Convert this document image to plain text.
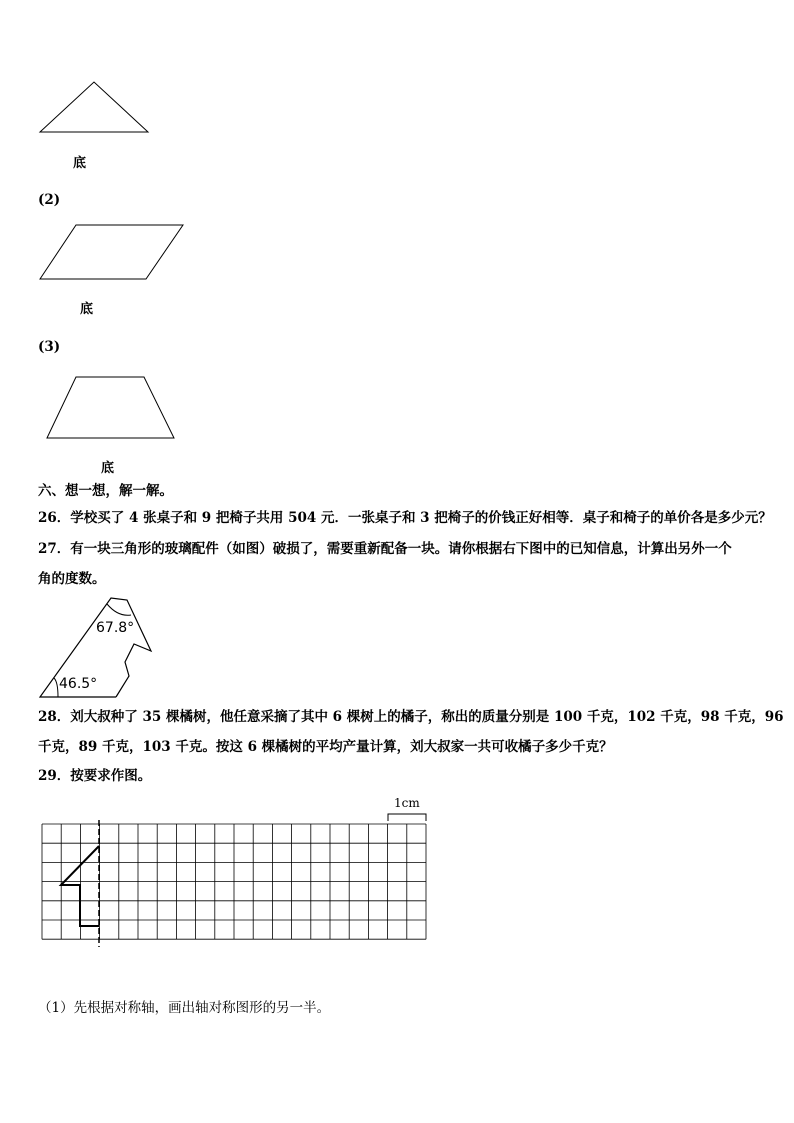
底
(2)
底
(3)
底
六、想一想，解一解。
26．学校买了 4 张桌子和 9 把椅子共用 504 元．一张桌子和 3 把椅子的价钱正好相等．桌子和椅子的单价各是多少元？
27．有一块三角形的玻璃配件（如图）破损了，需要重新配备一块。请你根据右下图中的已知信息，计算出另外一个
角的度数。
67.8°
46.5°
28．刘大叔种了 35 棵橘树，他任意采摘了其中 6 棵树上的橘子，称出的质量分别是 100 千克，102 千克，98 千克，96
千克，89 千克，103 千克。按这 6 棵橘树的平均产量计算，刘大叔家一共可收橘子多少千克？
29．按要求作图。
1cm
（1）先根据对称轴，画出轴对称图形的另一半。
